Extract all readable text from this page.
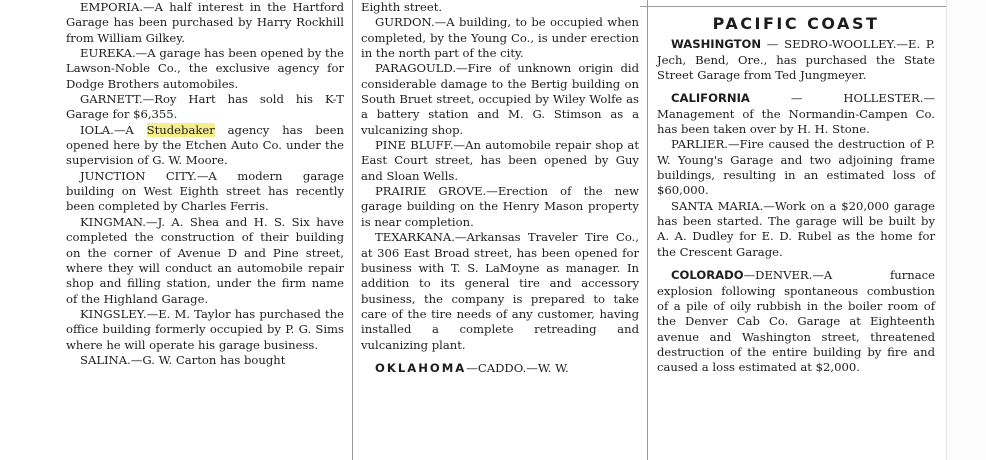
EMPORIA.—A half interest in the Hartford Garage has been purchased by Harry Rockhill from William Gilkey.

EUREKA.—A garage has been opened by the Lawson-Noble Co., the exclusive agency for Dodge Brothers automobiles.

GARNETT.—Roy Hart has sold his K-T Garage for $6,355.

IOLA.—A Studebaker agency has been opened here by the Etchen Auto Co. under the supervision of G. W. Moore.

JUNCTION CITY.—A modern garage building on West Eighth street has recently been completed by Charles Ferris.

KINGMAN.—J. A. Shea and H. S. Six have completed the construction of their building on the corner of Avenue D and Pine street, where they will conduct an automobile repair shop and filling station, under the firm name of the Highland Garage.

KINGSLEY.—E. M. Taylor has purchased the office building formerly occupied by P. G. Sims where he will operate his garage business.

SALINA.—G. W. Carton has bought

Eighth street.

GURDON.—A building, to be occupied when completed, by the Young Co., is under erection in the north part of the city.

PARAGOULD.—Fire of unknown origin did considerable damage to the Bertig building on South Bruet street, occupied by Wiley Wolfe as a battery station and M. G. Stimson as a vulcanizing shop.

PINE BLUFF.—An automobile repair shop at East Court street, has been opened by Guy and Sloan Wells.

PRAIRIE GROVE.—Erection of the new garage building on the Henry Mason property is near completion.

TEXARKANA.—Arkansas Traveler Tire Co., at 306 East Broad street, has been opened for business with T. S. LaMoyne as manager. In addition to its general tire and accessory business, the company is prepared to take care of the tire needs of any customer, having installed a complete retreading and vulcanizing plant.

OKLAHOMA—CADDO.—W. W.

PACIFIC COAST

WASHINGTON — SEDRO-WOOLLEY.—E. P. Jech, Bend, Ore., has purchased the State Street Garage from Ted Jungmeyer.

CALIFORNIA — HOLLESTER.—Management of the Normandin-Campen Co. has been taken over by H. H. Stone.

PARLIER.—Fire caused the destruction of P. W. Young's Garage and two adjoining frame buildings, resulting in an estimated loss of $60,000.

SANTA MARIA.—Work on a $20,000 garage has been started. The garage will be built by A. A. Dudley for E. D. Rubel as the home for the Crescent Garage.

COLORADO—DENVER.—A furnace explosion following spontaneous combustion of a pile of oily rubbish in the boiler room of the Denver Cab Co. Garage at Eighteenth avenue and Washington street, threatened destruction of the entire building by fire and caused a loss estimated at $2,000.
